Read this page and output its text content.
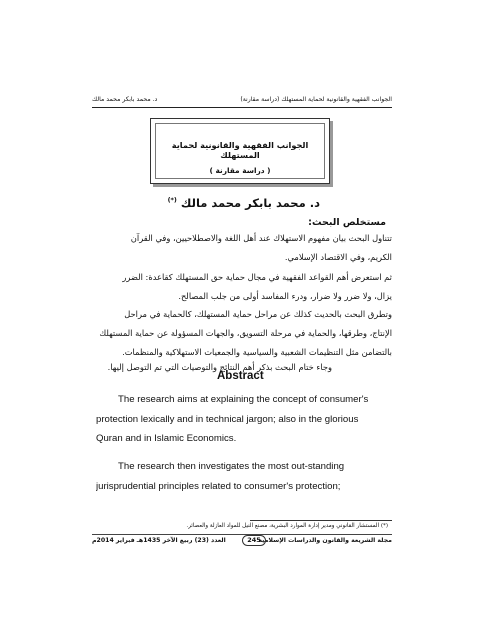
الجوانب الفقهية والقانونية لحماية المستهلك (دراسة مقارنة)
د. محمد بابكر محمد مالك
الجوانب الفقهية والقانونية لحماية المستهلك
( دراسة مقارنة )
د. محمد بابكر محمد مالك (*)
مستخلص البحث:
تتناول البحث بيان مفهوم الاستهلاك عند أهل اللغة والاصطلاحيين، وفي القرآن
الكريم، وفي الاقتصاد الإسلامي.
ثم استعرض أهم القواعد الفقهية في مجال حماية حق المستهلك كقاعدة: الضرر
يزال، ولا ضرر ولا ضرار، ودرء المفاسد أولى من جلب المصالح.
وتطرق البحث بالحديث كذلك عن مراحل حماية المستهلك، كالحماية في مراحل
الإنتاج، وطرقها، والحماية في مرحلة التسويق، والجهات المسؤولة عن حماية المستهلك
بالتضامن مثل التنظيمات الشعبية والسياسية والجمعيات الاستهلاكية والمنظمات.
وجاء ختام البحث بذكر أهم النتائج والتوصيات التي تم التوصل إليها.
Abstract
The research aims at explaining the concept of consumer's
protection lexically and in technical jargon; also in the glorious
Quran and in Islamic Economics.
The research then investigates the most out-standing
jurisprudential principles related to consumer's protection;
(*) المستشار القانوني ومدير إدارة الموارد البشرية، مصنع النيل للمواد العازلة والعصائر.
مجلة الشريعة والقانون والدراسات الإسلامية
245
العدد (23) ربيع الآخر 1435هـ فبراير 2014م
